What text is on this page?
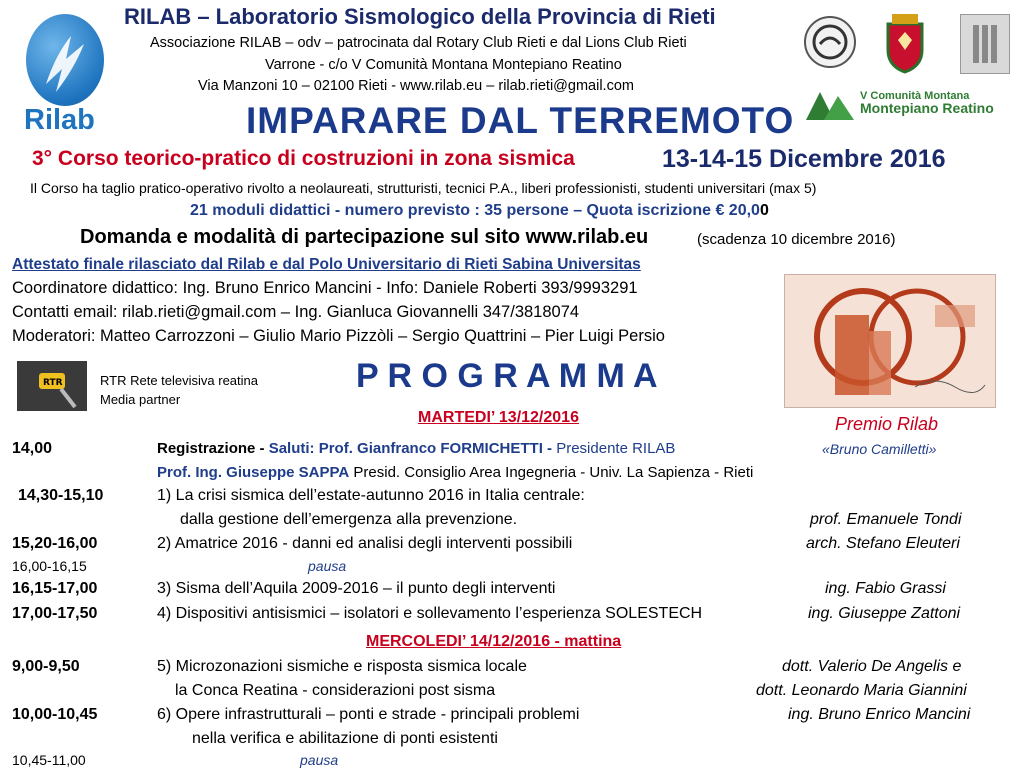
Rilab
RILAB – Laboratorio Sismologico della Provincia di Rieti
Associazione RILAB – odv – patrocinata dal Rotary Club Rieti e dal Lions Club Rieti
Varrone - c/o V Comunità Montana Montepiano Reatino
Via Manzoni 10 – 02100 Rieti - www.rilab.eu – rilab.rieti@gmail.com
V Comunità Montana
Montepiano Reatino
IMPARARE DAL TERREMOTO
3° Corso teorico-pratico di costruzioni in zona sismica	13-14-15 Dicembre 2016
Il Corso ha taglio pratico-operativo rivolto a neolaureati, strutturisti, tecnici P.A., liberi professionisti, studenti universitari (max 5)
21 moduli didattici - numero previsto : 35 persone – Quota iscrizione € 20,00
Domanda e modalità di partecipazione sul sito www.rilab.eu	(scadenza 10 dicembre 2016)
Attestato finale rilasciato dal Rilab e dal Polo Universitario di Rieti Sabina Universitas
Coordinatore didattico: Ing. Bruno Enrico Mancini - Info: Daniele Roberti 393/9993291
Contatti email: rilab.rieti@gmail.com – Ing. Gianluca Giovannelli 347/3818074
Moderatori: Matteo Carrozzoni – Giulio Mario Pizzòli – Sergio Quattrini – Pier Luigi Persio
RTR	RTR Rete televisiva reatina
Media partner
P R O G R A M M A
MARTEDI’ 13/12/2016	Premio Rilab
«Bruno Camilletti»
14,00	Registrazione - Saluti: Prof. Gianfranco FORMICHETTI - Presidente RILAB
Prof. Ing. Giuseppe SAPPA Presid. Consiglio Area Ingegneria - Univ. La Sapienza - Rieti
14,30-15,10	1) La crisi sismica dell’estate-autunno 2016 in Italia centrale:
dalla gestione dell’emergenza alla prevenzione.	prof. Emanuele Tondi
15,20-16,00	2) Amatrice 2016 - danni ed analisi degli interventi possibili	arch. Stefano Eleuteri
16,00-16,15	pausa
16,15-17,00	3) Sisma dell’Aquila 2009-2016 – il punto degli interventi	ing. Fabio Grassi
17,00-17,50	4) Dispositivi antisismici – isolatori e sollevamento l’esperienza SOLESTECH	ing. Giuseppe Zattoni
MERCOLEDI’ 14/12/2016 - mattina
9,00-9,50	5) Microzonazioni sismiche e risposta sismica locale	dott. Valerio De Angelis e
la Conca Reatina - considerazioni post sisma	dott. Leonardo Maria Giannini
10,00-10,45	6) Opere infrastrutturali – ponti e strade - principali problemi	ing. Bruno Enrico Mancini
nella verifica e abilitazione di ponti esistenti
10,45-11,00	pausa
